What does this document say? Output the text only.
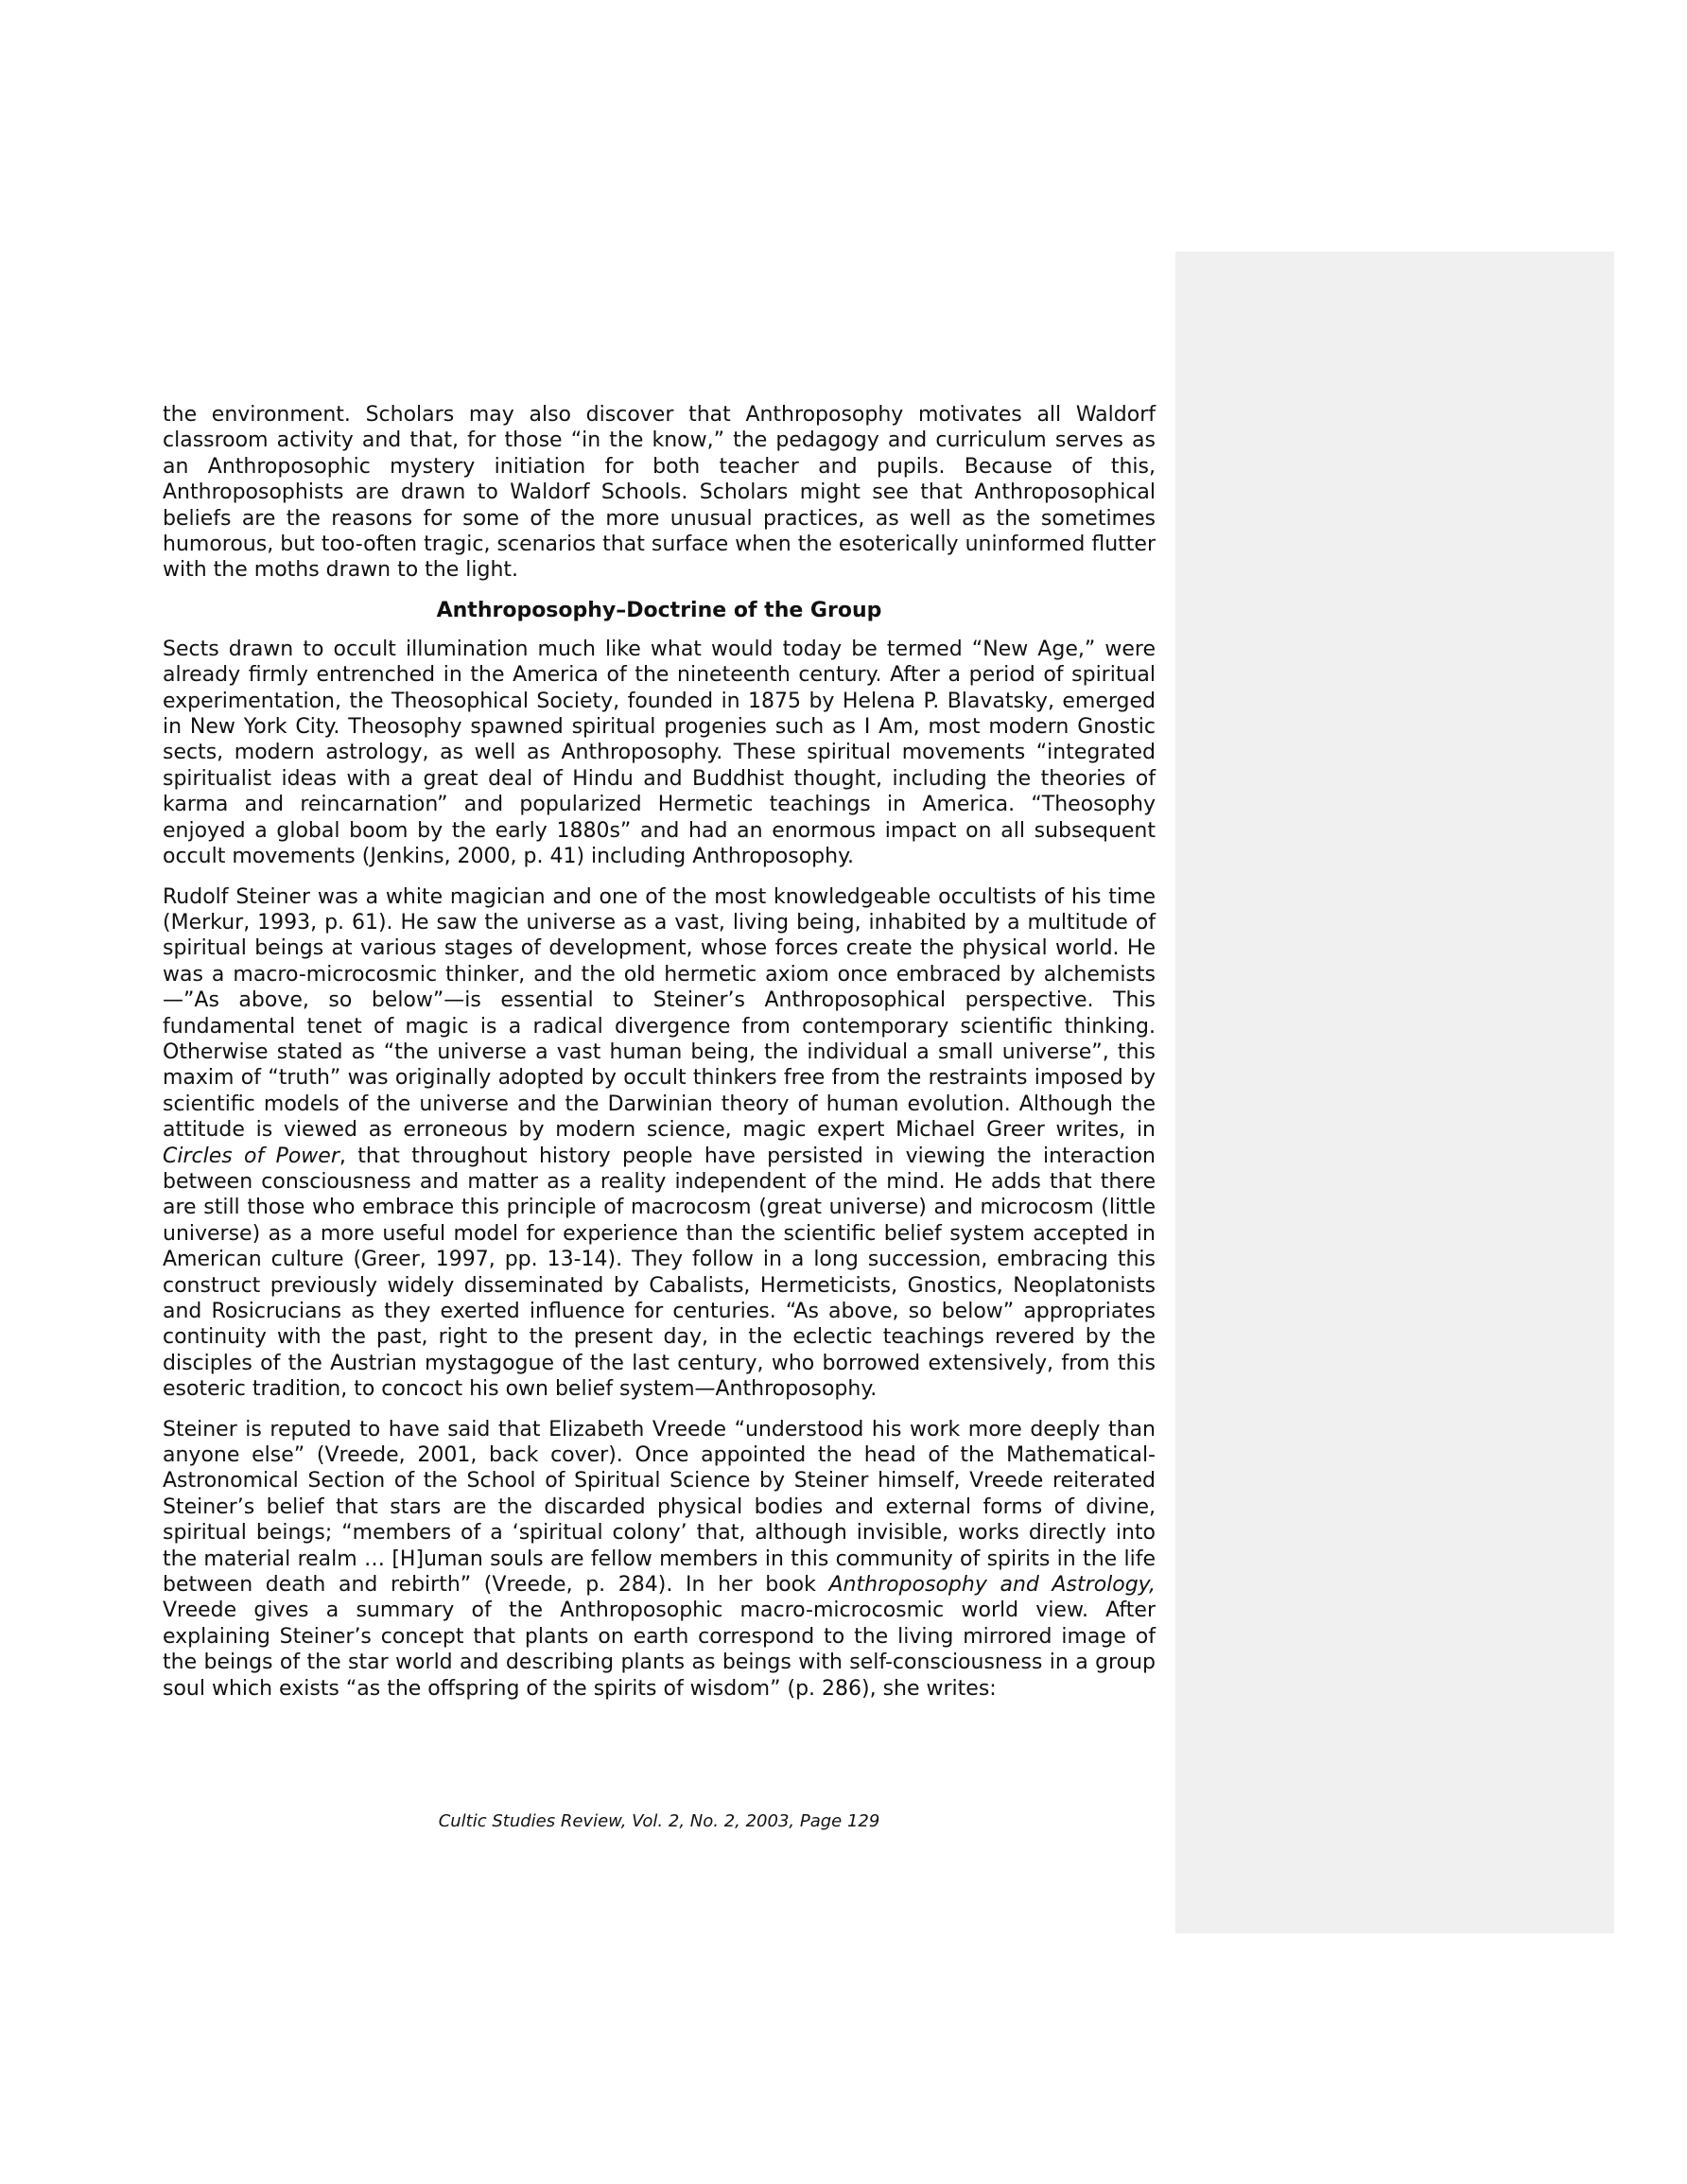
the environment. Scholars may also discover that Anthroposophy motivates all Waldorf classroom activity and that, for those “in the know,” the pedagogy and curriculum serves as an Anthroposophic mystery initiation for both teacher and pupils. Because of this, Anthroposophists are drawn to Waldorf Schools. Scholars might see that Anthroposophical beliefs are the reasons for some of the more unusual practices, as well as the sometimes humorous, but too-often tragic, scenarios that surface when the esoterically uninformed flutter with the moths drawn to the light.

Anthroposophy–Doctrine of the Group

Sects drawn to occult illumination much like what would today be termed “New Age,” were already firmly entrenched in the America of the nineteenth century. After a period of spiritual experimentation, the Theosophical Society, founded in 1875 by Helena P. Blavatsky, emerged in New York City. Theosophy spawned spiritual progenies such as I Am, most modern Gnostic sects, modern astrology, as well as Anthroposophy. These spiritual movements “integrated spiritualist ideas with a great deal of Hindu and Buddhist thought, including the theories of karma and reincarnation” and popularized Hermetic teachings in America. “Theosophy enjoyed a global boom by the early 1880s” and had an enormous impact on all subsequent occult movements (Jenkins, 2000, p. 41) including Anthroposophy.

Rudolf Steiner was a white magician and one of the most knowledgeable occultists of his time (Merkur, 1993, p. 61). He saw the universe as a vast, living being, inhabited by a multitude of spiritual beings at various stages of development, whose forces create the physical world. He was a macro-microcosmic thinker, and the old hermetic axiom once embraced by alchemists—”As above, so below”—is essential to Steiner’s Anthroposophical perspective. This fundamental tenet of magic is a radical divergence from contemporary scientific thinking. Otherwise stated as “the universe a vast human being, the individual a small universe”, this maxim of “truth” was originally adopted by occult thinkers free from the restraints imposed by scientific models of the universe and the Darwinian theory of human evolution. Although the attitude is viewed as erroneous by modern science, magic expert Michael Greer writes, in Circles of Power, that throughout history people have persisted in viewing the interaction between consciousness and matter as a reality independent of the mind. He adds that there are still those who embrace this principle of macrocosm (great universe) and microcosm (little universe) as a more useful model for experience than the scientific belief system accepted in American culture (Greer, 1997, pp. 13-14). They follow in a long succession, embracing this construct previously widely disseminated by Cabalists, Hermeticists, Gnostics, Neoplatonists and Rosicrucians as they exerted influence for centuries. “As above, so below” appropriates continuity with the past, right to the present day, in the eclectic teachings revered by the disciples of the Austrian mystagogue of the last century, who borrowed extensively, from this esoteric tradition, to concoct his own belief system—Anthroposophy.

Steiner is reputed to have said that Elizabeth Vreede “understood his work more deeply than anyone else” (Vreede, 2001, back cover). Once appointed the head of the Mathematical-Astronomical Section of the School of Spiritual Science by Steiner himself, Vreede reiterated Steiner’s belief that stars are the discarded physical bodies and external forms of divine, spiritual beings; “members of a ‘spiritual colony’ that, although invisible, works directly into the material realm … [H]uman souls are fellow members in this community of spirits in the life between death and rebirth” (Vreede, p. 284). In her book Anthroposophy and Astrology, Vreede gives a summary of the Anthroposophic macro-microcosmic world view. After explaining Steiner’s concept that plants on earth correspond to the living mirrored image of the beings of the star world and describing plants as beings with self-consciousness in a group soul which exists “as the offspring of the spirits of wisdom” (p. 286), she writes:

Cultic Studies Review, Vol. 2, No. 2, 2003, Page 129
